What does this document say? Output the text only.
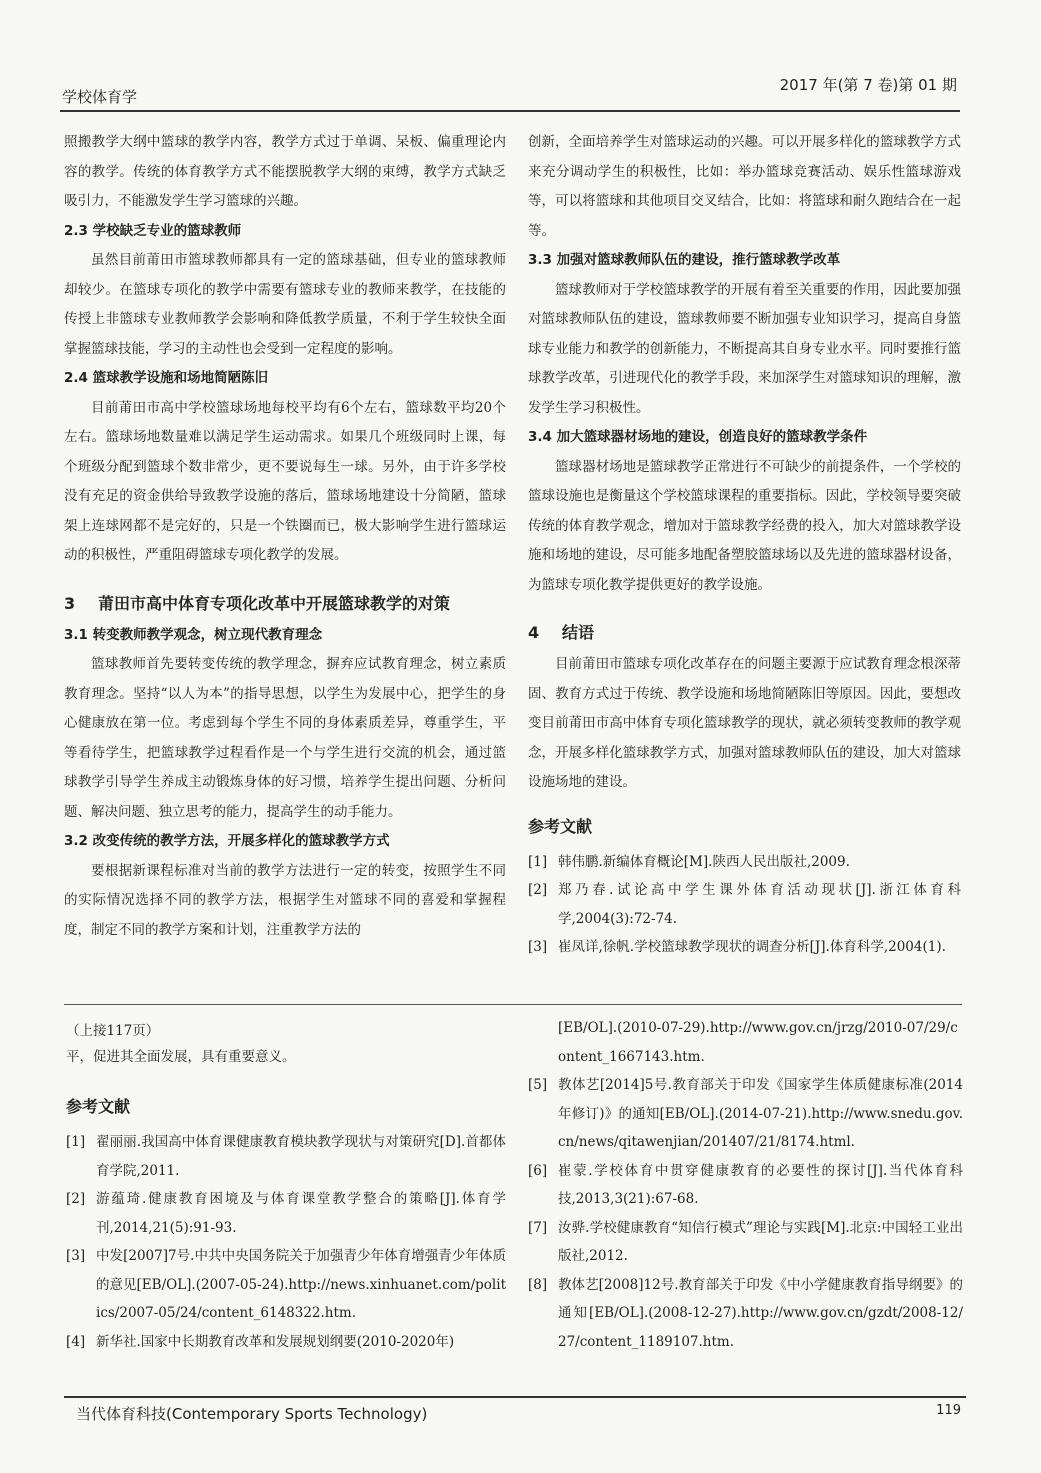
学校体育学
2017 年(第 7 卷)第 01 期

照搬教学大纲中篮球的教学内容，教学方式过于单调、呆板、偏重理论内容的教学。传统的体育教学方式不能摆脱教学大纲的束缚，教学方式缺乏吸引力，不能激发学生学习篮球的兴趣。

2.3 学校缺乏专业的篮球教师

虽然目前莆田市篮球教师都具有一定的篮球基础，但专业的篮球教师却较少。在篮球专项化的教学中需要有篮球专业的教师来教学，在技能的传授上非篮球专业教师教学会影响和降低教学质量，不利于学生较快全面掌握篮球技能，学习的主动性也会受到一定程度的影响。

2.4 篮球教学设施和场地简陋陈旧

目前莆田市高中学校篮球场地每校平均有6个左右，篮球数平均20个左右。篮球场地数量难以满足学生运动需求。如果几个班级同时上课，每个班级分配到篮球个数非常少，更不要说每生一球。另外，由于许多学校没有充足的资金供给导致教学设施的落后，篮球场地建设十分简陋，篮球架上连球网都不是完好的，只是一个铁圈而已，极大影响学生进行篮球运动的积极性，严重阻碍篮球专项化教学的发展。

3 莆田市高中体育专项化改革中开展篮球教学的对策
3.1 转变教师教学观念，树立现代教育理念

篮球教师首先要转变传统的教学理念，摒弃应试教育理念，树立素质教育理念。坚持“以人为本”的指导思想，以学生为发展中心，把学生的身心健康放在第一位。考虑到每个学生不同的身体素质差异，尊重学生，平等看待学生，把篮球教学过程看作是一个与学生进行交流的机会，通过篮球教学引导学生养成主动锻炼身体的好习惯，培养学生提出问题、分析问题、解决问题、独立思考的能力，提高学生的动手能力。

3.2 改变传统的教学方法，开展多样化的篮球教学方式

要根据新课程标准对当前的教学方法进行一定的转变，按照学生不同的实际情况选择不同的教学方法，根据学生对篮球不同的喜爱和掌握程度，制定不同的教学方案和计划，注重教学方法的

创新，全面培养学生对篮球运动的兴趣。可以开展多样化的篮球教学方式来充分调动学生的积极性，比如：举办篮球竞赛活动、娱乐性篮球游戏等，可以将篮球和其他项目交叉结合，比如：将篮球和耐久跑结合在一起等。

3.3 加强对篮球教师队伍的建设，推行篮球教学改革

篮球教师对于学校篮球教学的开展有着至关重要的作用，因此要加强对篮球教师队伍的建设，篮球教师要不断加强专业知识学习，提高自身篮球专业能力和教学的创新能力，不断提高其自身专业水平。同时要推行篮球教学改革，引进现代化的教学手段，来加深学生对篮球知识的理解，激发学生学习积极性。

3.4 加大篮球器材场地的建设，创造良好的篮球教学条件

篮球器材场地是篮球教学正常进行不可缺少的前提条件，一个学校的篮球设施也是衡量这个学校篮球课程的重要指标。因此，学校领导要突破传统的体育教学观念，增加对于篮球教学经费的投入，加大对篮球教学设施和场地的建设，尽可能多地配备塑胶篮球场以及先进的篮球器材设备，为篮球专项化教学提供更好的教学设施。

4 结语

目前莆田市篮球专项化改革存在的问题主要源于应试教育理念根深蒂固、教育方式过于传统、教学设施和场地简陋陈旧等原因。因此，要想改变目前莆田市高中体育专项化篮球教学的现状，就必须转变教师的教学观念，开展多样化篮球教学方式，加强对篮球教师队伍的建设，加大对篮球设施场地的建设。

参考文献
[1] 韩伟鹏.新编体育概论[M].陕西人民出版社,2009.
[2] 郑乃春.试论高中学生课外体育活动现状[J].浙江体育科学,2004(3):72-74.
[3] 崔凤详,徐帆.学校篮球教学现状的调查分析[J].体育科学,2004(1).
（上接117页）
平，促进其全面发展，具有重要意义。
参考文献
[1] 翟丽丽.我国高中体育课健康教育模块教学现状与对策研究[D].首都体育学院,2011.
[2] 游蕴琦.健康教育困境及与体育课堂教学整合的策略[J].体育学刊,2014,21(5):91-93.
[3] 中发[2007]7号.中共中央国务院关于加强青少年体育增强青少年体质的意见[EB/OL].(2007-05-24).http://news.xinhuanet.com/politics/2007-05/24/content_6148322.htm.
[4] 新华社.国家中长期教育改革和发展规划纲要(2010-2020年)
[EB/OL].(2010-07-29).http://www.gov.cn/jrzg/2010-07/29/content_1667143.htm.
[5] 教体艺[2014]5号.教育部关于印发《国家学生体质健康标准(2014年修订)》的通知[EB/OL].(2014-07-21).http://www.snedu.gov.cn/news/qitawenjian/201407/21/8174.html.
[6] 崔蒙.学校体育中贯穿健康教育的必要性的探讨[J].当代体育科技,2013,3(21):67-68.
[7] 汝骅.学校健康教育“知信行模式”理论与实践[M].北京:中国轻工业出版社,2012.
[8] 教体艺[2008]12号.教育部关于印发《中小学健康教育指导纲要》的通知[EB/OL].(2008-12-27).http://www.gov.cn/gzdt/2008-12/27/content_1189107.htm.
当代体育科技(Contemporary Sports Technology)	119
